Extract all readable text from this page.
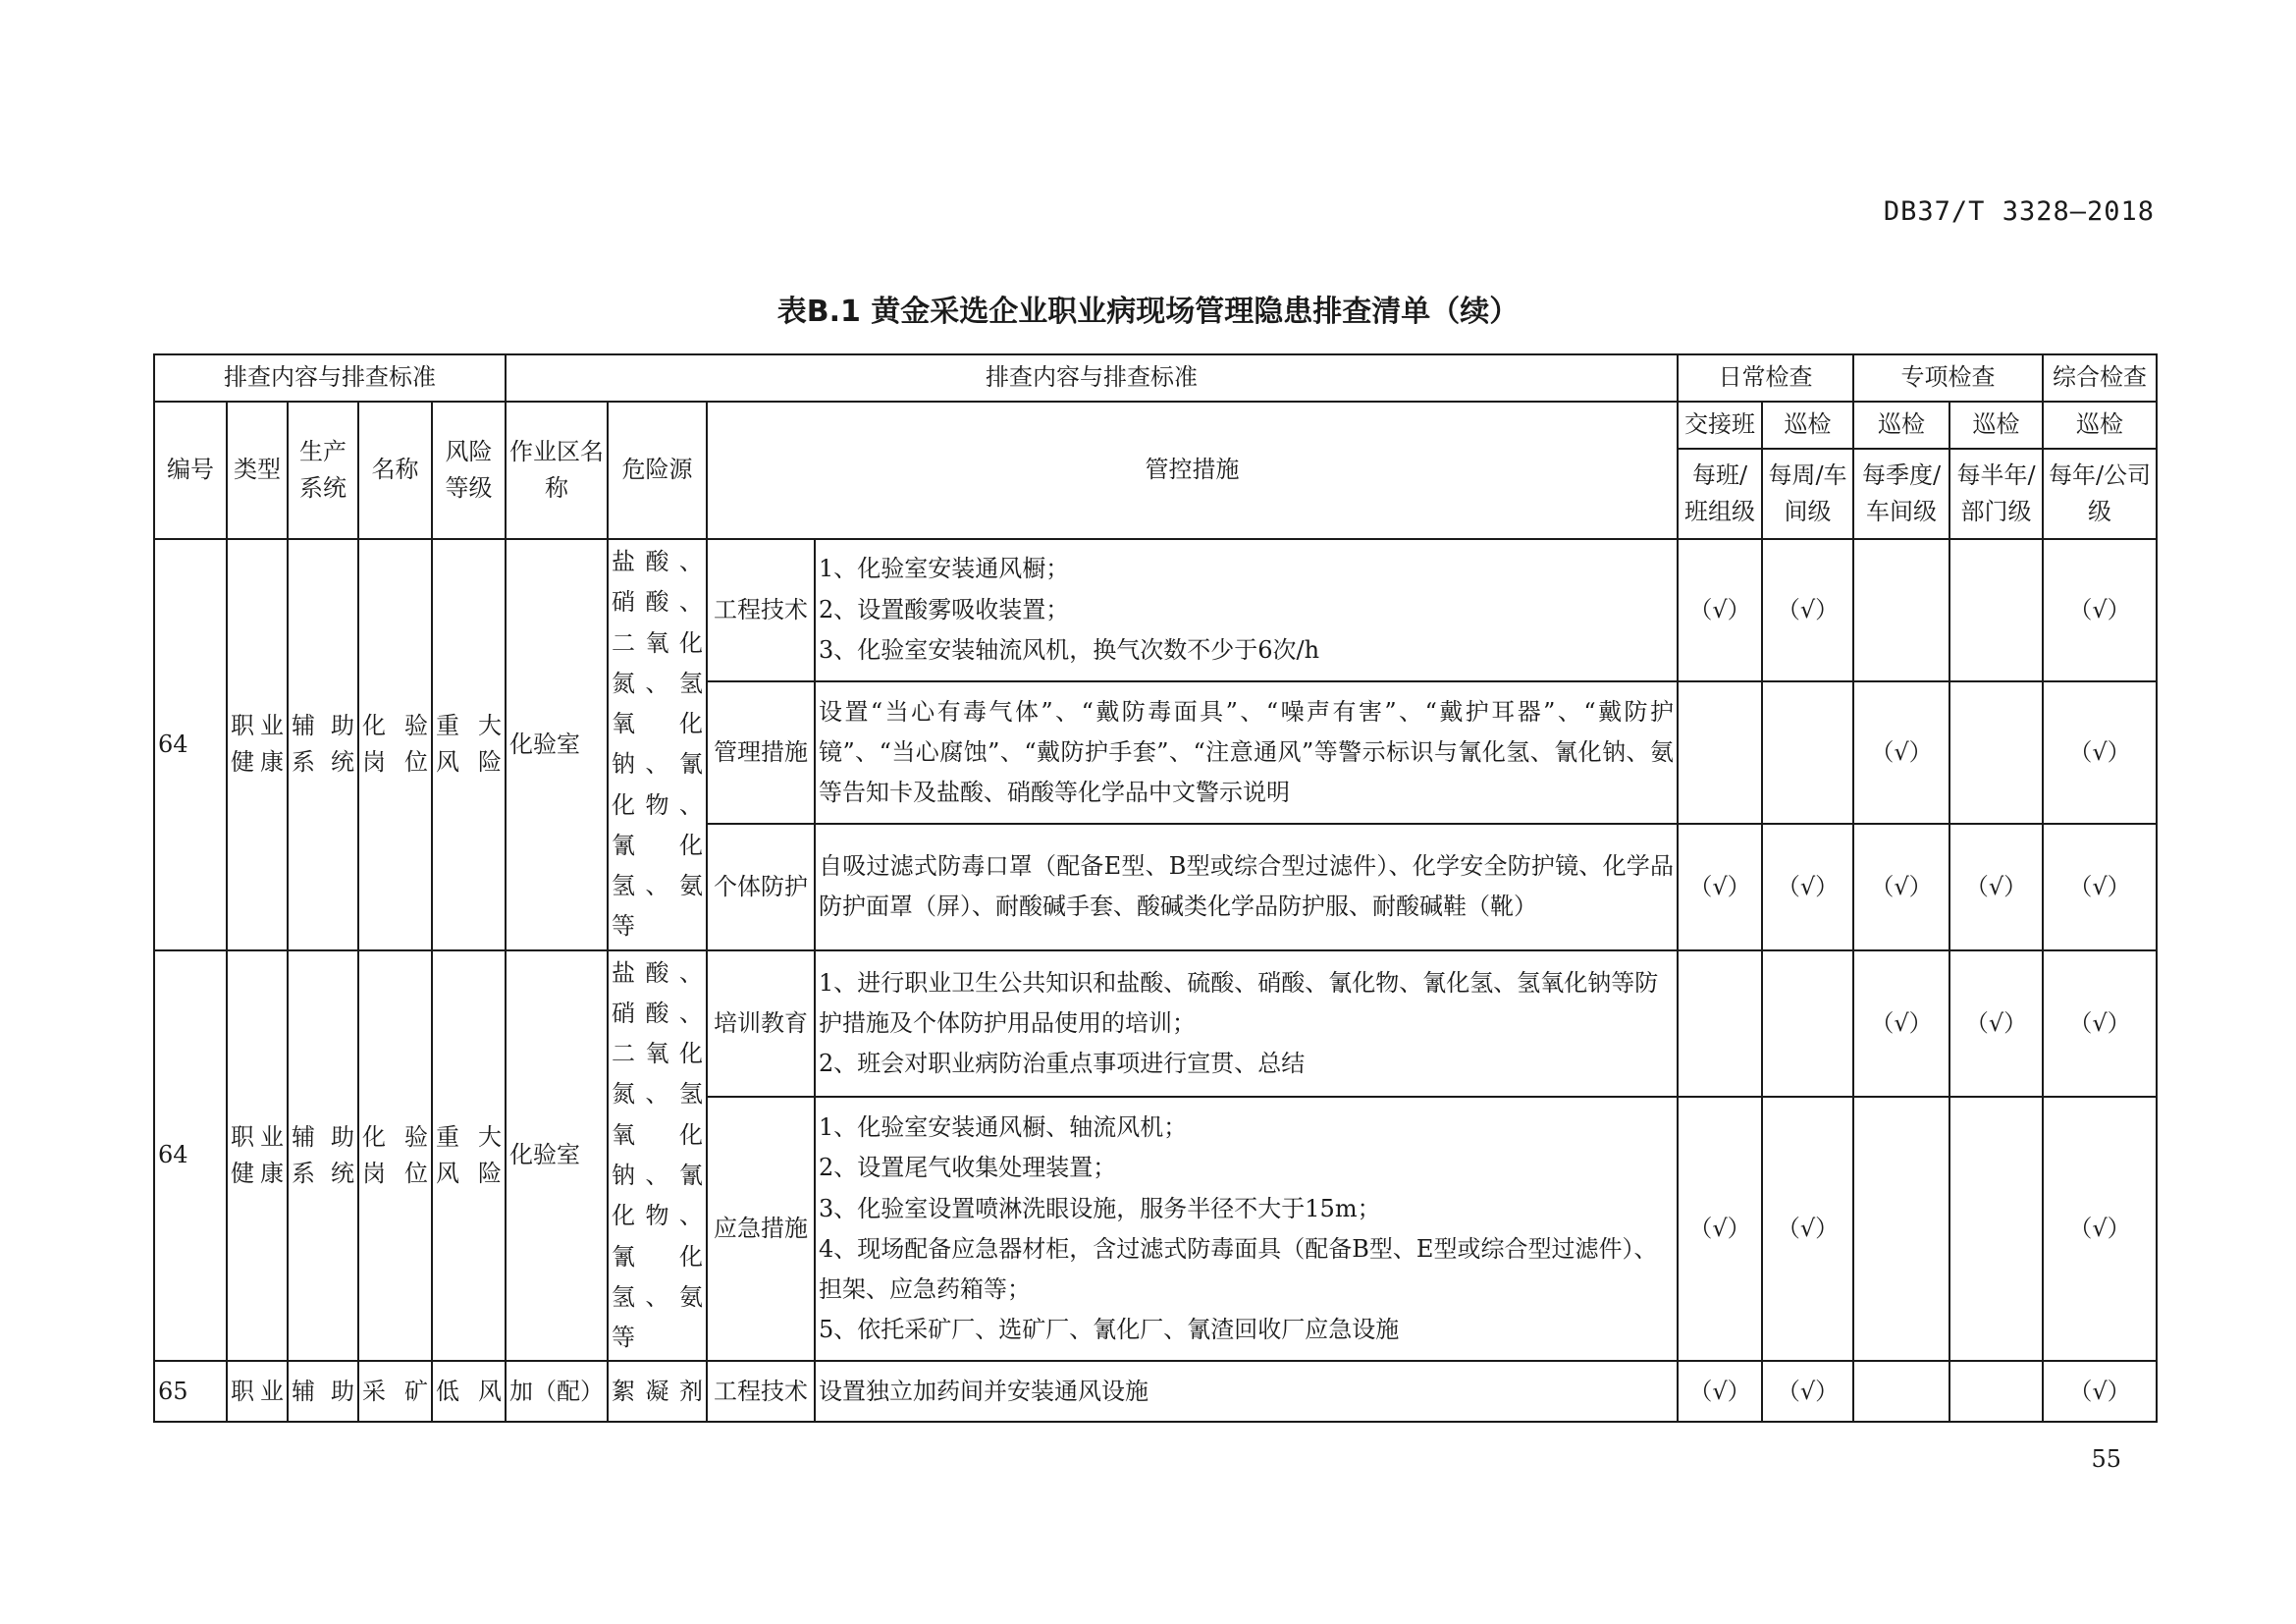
DB37/T 3328—2018
表B.1 黄金采选企业职业病现场管理隐患排查清单（续）
排查内容与排查标准					排查内容与排查标准				日常检查		专项检查		综合检查
编号	类型	生产系统	名称	风险等级	作业区名称	危险源	管控措施		交接班	巡检	巡检	巡检	巡检
									每班/班组级	每周/车间级	每季度/车间级	每半年/部门级	每年/公司级
64	职业健康	辅助系统	化验岗位	重大风险	化验室	盐酸、硝酸、二氧化氮、氢氧化钠、氰化物、氰化氢、氨等	工程技术	1、化验室安装通风橱；
2、设置酸雾吸收装置；
3、化验室安装轴流风机，换气次数不少于6次/h	（√）	（√）			（√）
							管理措施	设置“当心有毒气体”、“戴防毒面具”、“噪声有害”、“戴护耳器”、“戴防护镜”、“当心腐蚀”、“戴防护手套”、“注意通风”等警示标识与氰化氢、氰化钠、氨等告知卡及盐酸、硝酸等化学品中文警示说明			（√）		（√）
							个体防护	自吸过滤式防毒口罩（配备E型、B型或综合型过滤件）、化学安全防护镜、化学品防护面罩（屏）、耐酸碱手套、酸碱类化学品防护服、耐酸碱鞋（靴）	（√）	（√）	（√）	（√）	（√）
64	职业健康	辅助系统	化验岗位	重大风险	化验室	盐酸、硝酸、二氧化氮、氢氧化钠、氰化物、氰化氢、氨等	培训教育	1、进行职业卫生公共知识和盐酸、硫酸、硝酸、氰化物、氰化氢、氢氧化钠等防护措施及个体防护用品使用的培训；
2、班会对职业病防治重点事项进行宣贯、总结			（√）	（√）	（√）
							应急措施	1、化验室安装通风橱、轴流风机；
2、设置尾气收集处理装置；
3、化验室设置喷淋洗眼设施，服务半径不大于15m；
4、现场配备应急器材柜，含过滤式防毒面具（配备B型、E型或综合型过滤件）、担架、应急药箱等；
5、依托采矿厂、选矿厂、氰化厂、氰渣回收厂应急设施	（√）	（√）			（√）
65	职业	辅助	采矿	低风	加（配）	絮凝剂	工程技术	设置独立加药间并安装通风设施	（√）	（√）			（√）
55
